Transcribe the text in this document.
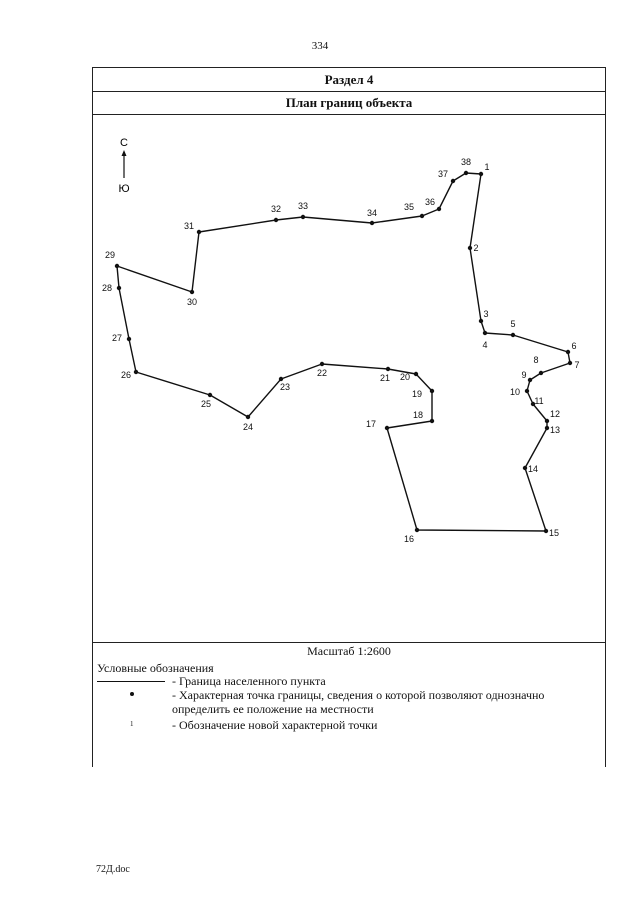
334
Раздел 4
План границ объекта
С
Ю
1
2
3
4
5
6
7
8
9
10
11
12
13
14
15
16
17
18
19
20
21
22
23
24
25
26
27
28
29
30
31
32 33
34
35 36
37
38
Масштаб 1:2600
Условные обозначения
- Граница населенного пункта
- Характерная точка границы, сведения о которой позволяют однозначно определить ее положение на местности
1	- Обозначение новой характерной точки
72Д.doc
